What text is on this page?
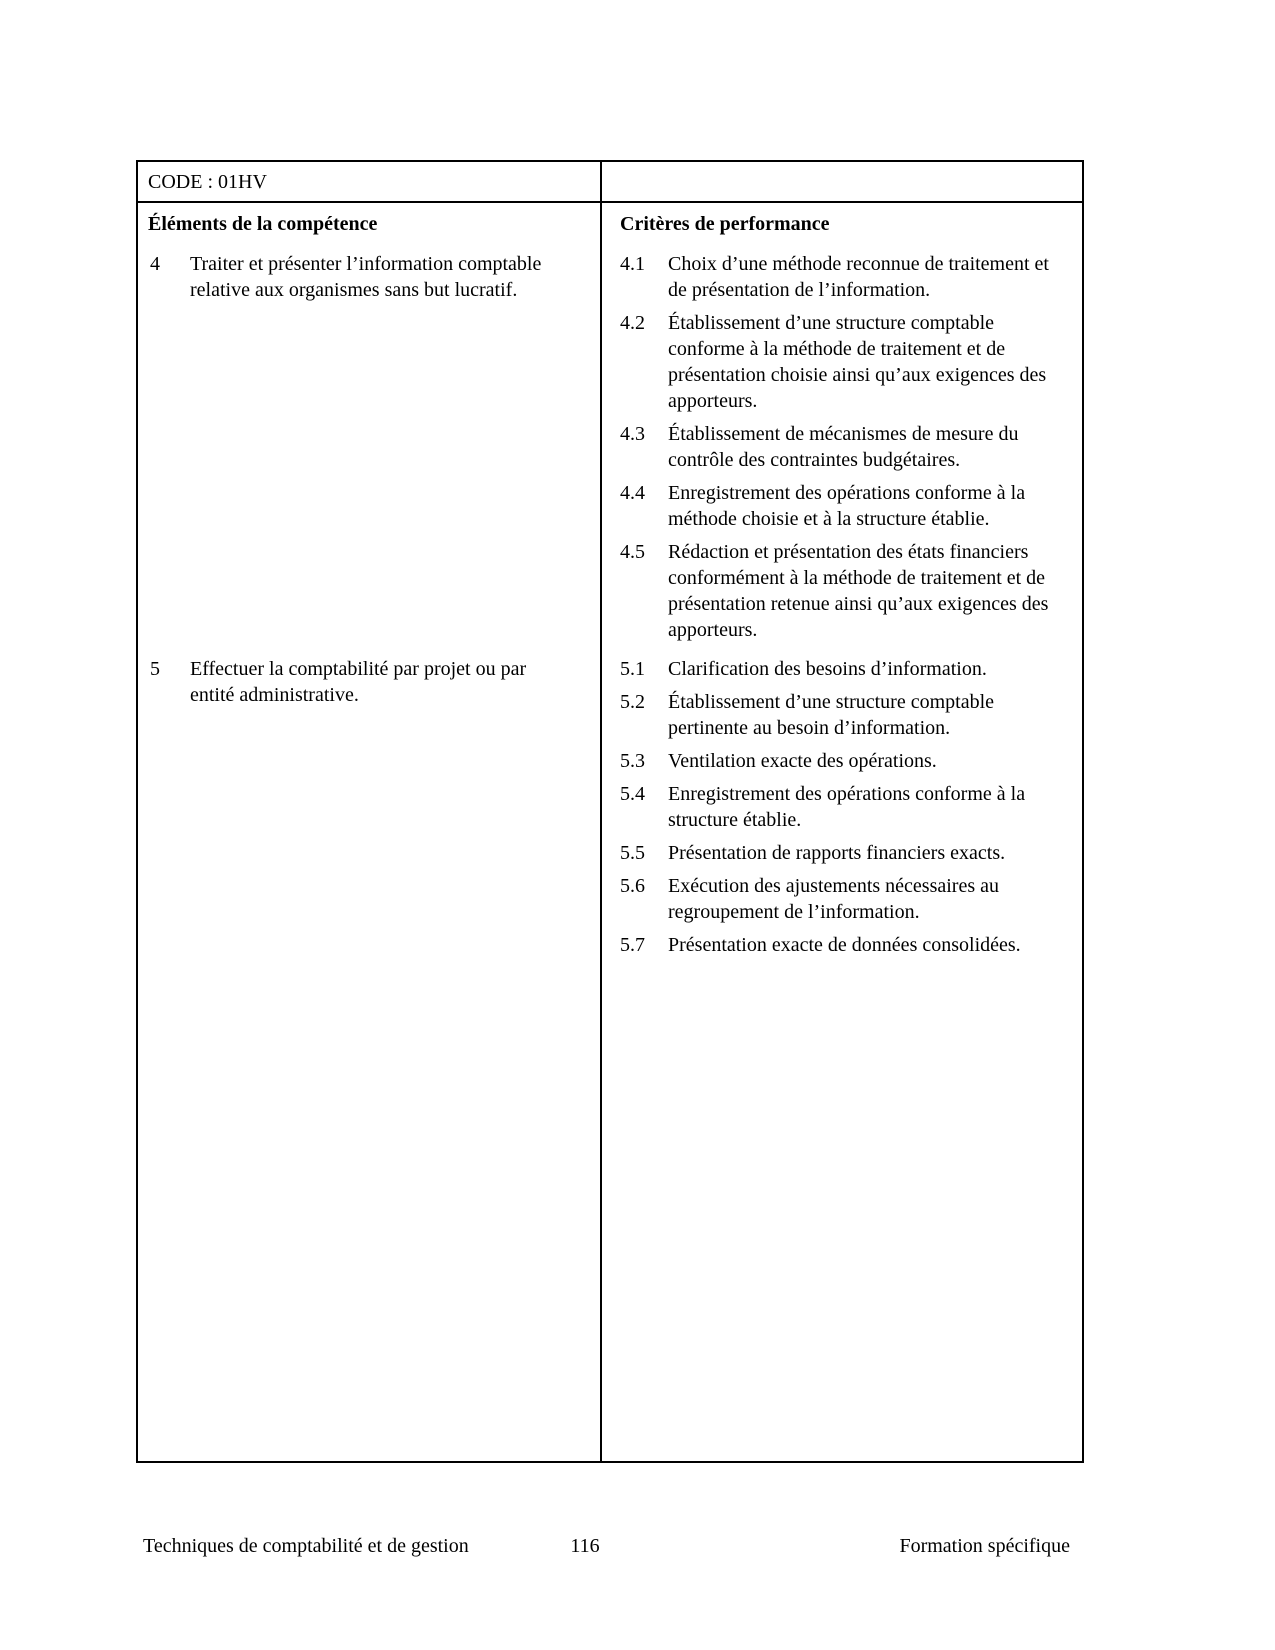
CODE : 01HV
Éléments de la compétence	Critères de performance
4	Traiter et présenter l’information comptable relative aux organismes sans but lucratif.
4.1	Choix d’une méthode reconnue de traitement et de présentation de l’information.
4.2	Établissement d’une structure comptable conforme à la méthode de traitement et de présentation choisie ainsi qu’aux exigences des apporteurs.
4.3	Établissement de mécanismes de mesure du contrôle des contraintes budgétaires.
4.4	Enregistrement des opérations conforme à la méthode choisie et à la structure établie.
4.5	Rédaction et présentation des états financiers conformément à la méthode de traitement et de présentation retenue ainsi qu’aux exigences des apporteurs.
5	Effectuer la comptabilité par projet ou par entité administrative.
5.1	Clarification des besoins d’information.
5.2	Établissement d’une structure comptable pertinente au besoin d’information.
5.3	Ventilation exacte des opérations.
5.4	Enregistrement des opérations conforme à la structure établie.
5.5	Présentation de rapports financiers exacts.
5.6	Exécution des ajustements nécessaires au regroupement de l’information.
5.7	Présentation exacte de données consolidées.
Techniques de comptabilité et de gestion	116	Formation spécifique
